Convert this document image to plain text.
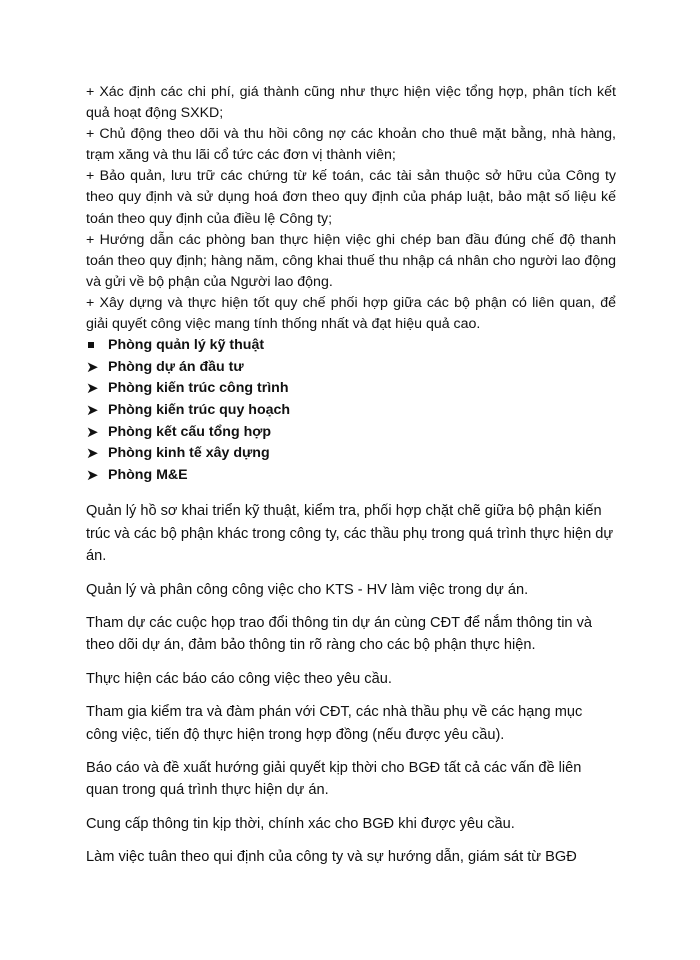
+ Xác định các chi phí, giá thành cũng như thực hiện việc tổng hợp, phân tích kết quả hoạt động SXKD;

+ Chủ động theo dõi và thu hồi công nợ các khoản cho thuê mặt bằng, nhà hàng, trạm xăng và thu lãi cổ tức các đơn vị thành viên;

+ Bảo quản, lưu trữ các chứng từ kế toán, các tài sản thuộc sở hữu của Công ty theo quy định và sử dụng hoá đơn theo quy định của pháp luật, bảo mật số liệu kế toán theo quy định của điều lệ Công ty;

+ Hướng dẫn các phòng ban thực hiện việc ghi chép ban đầu đúng chế độ thanh toán theo quy định; hàng năm, công khai thuế thu nhập cá nhân cho người lao động và gửi về bộ phận của Người lao động.

+ Xây dựng và thực hiện tốt quy chế phối hợp giữa các bộ phận có liên quan, để giải quyết công việc mang tính thống nhất và đạt hiệu quả cao.

Phòng quản lý kỹ thuật
➤ Phòng dự án đầu tư
➤ Phòng kiến trúc công trình
➤ Phòng kiến trúc quy hoạch
➤ Phòng kết cấu tổng hợp
➤ Phòng kinh tế xây dựng
➤ Phòng M&E

Quản lý hồ sơ khai triển kỹ thuật, kiểm tra, phối hợp chặt chẽ giữa bộ phận kiến trúc và các bộ phận khác trong công ty, các thầu phụ trong quá trình thực hiện dự án.

Quản lý và phân công công việc cho KTS - HV làm việc trong dự án.

Tham dự các cuộc họp trao đổi thông tin dự án cùng CĐT để nắm thông tin và theo dõi dự án, đảm bảo thông tin rõ ràng cho các bộ phận thực hiện.

Thực hiện các báo cáo công việc theo yêu cầu.

Tham gia kiểm tra và đàm phán với CĐT, các nhà thầu phụ về các hạng mục công việc, tiến độ thực hiện trong hợp đồng (nếu được yêu cầu).

Báo cáo và đề xuất hướng giải quyết kịp thời cho BGĐ tất cả các vấn đề liên quan trong quá trình thực hiện dự án.

Cung cấp thông tin kịp thời, chính xác cho BGĐ khi được yêu cầu.

Làm việc tuân theo qui định của công ty và sự hướng dẫn, giám sát từ BGĐ
